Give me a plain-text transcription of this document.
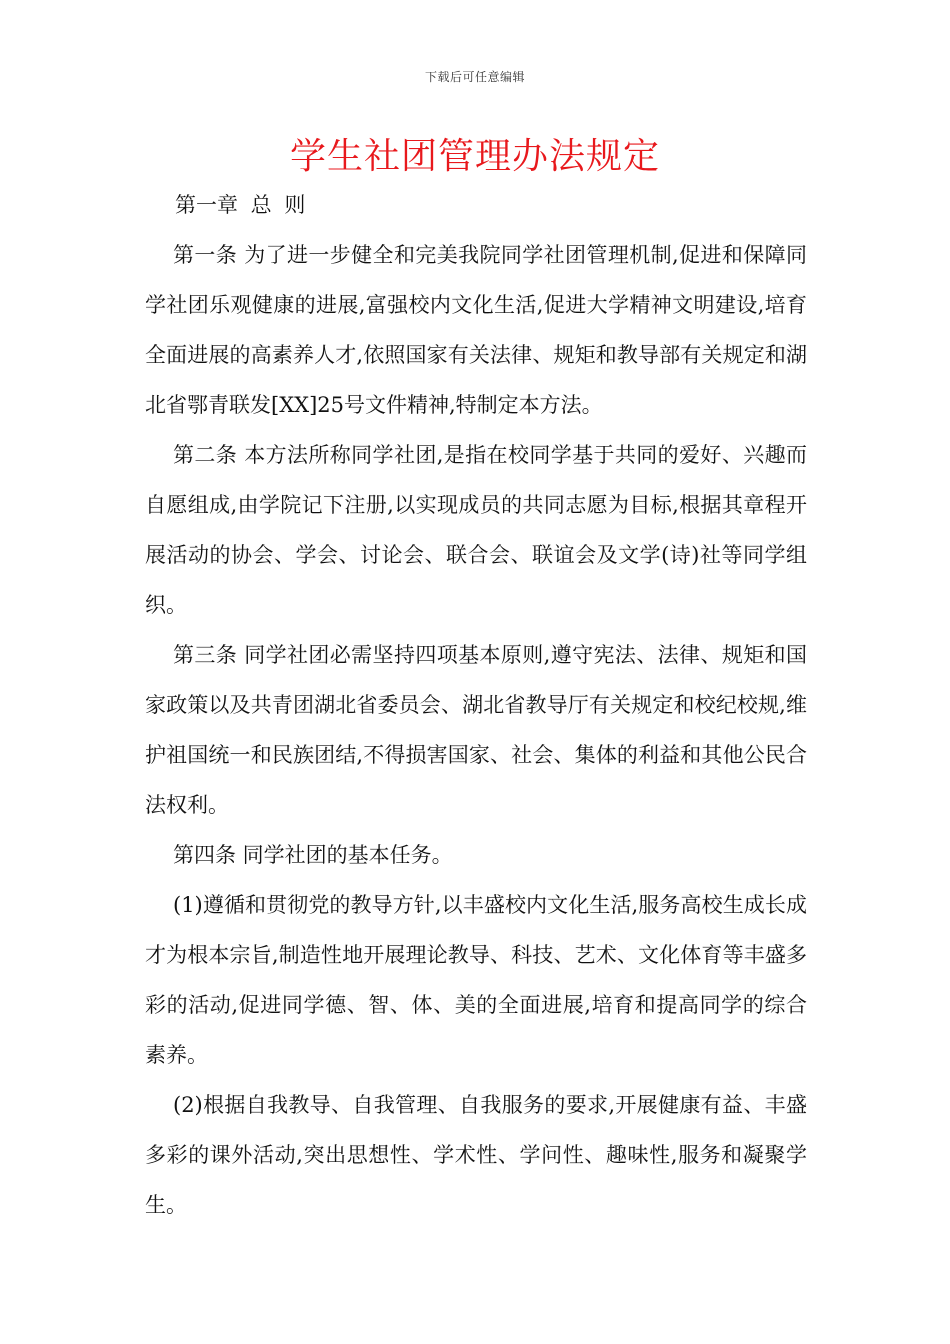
下载后可任意编辑
学生社团管理办法规定
第一章 总 则

第一条 为了进一步健全和完美我院同学社团管理机制,促进和保障同学社团乐观健康的进展,富强校内文化生活,促进大学精神文明建设,培育全面进展的高素养人才,依照国家有关法律、规矩和教导部有关规定和湖北省鄂青联发[XX]25号文件精神,特制定本方法。

第二条 本方法所称同学社团,是指在校同学基于共同的爱好、兴趣而自愿组成,由学院记下注册,以实现成员的共同志愿为目标,根据其章程开展活动的协会、学会、讨论会、联合会、联谊会及文学(诗)社等同学组织。

第三条 同学社团必需坚持四项基本原则,遵守宪法、法律、规矩和国家政策以及共青团湖北省委员会、湖北省教导厅有关规定和校纪校规,维护祖国统一和民族团结,不得损害国家、社会、集体的利益和其他公民合法权利。

第四条 同学社团的基本任务。

(1)遵循和贯彻党的教导方针,以丰盛校内文化生活,服务高校生成长成才为根本宗旨,制造性地开展理论教导、科技、艺术、文化体育等丰盛多彩的活动,促进同学德、智、体、美的全面进展,培育和提高同学的综合素养。

(2)根据自我教导、自我管理、自我服务的要求,开展健康有益、丰盛多彩的课外活动,突出思想性、学术性、学问性、趣味性,服务和凝聚学生。
